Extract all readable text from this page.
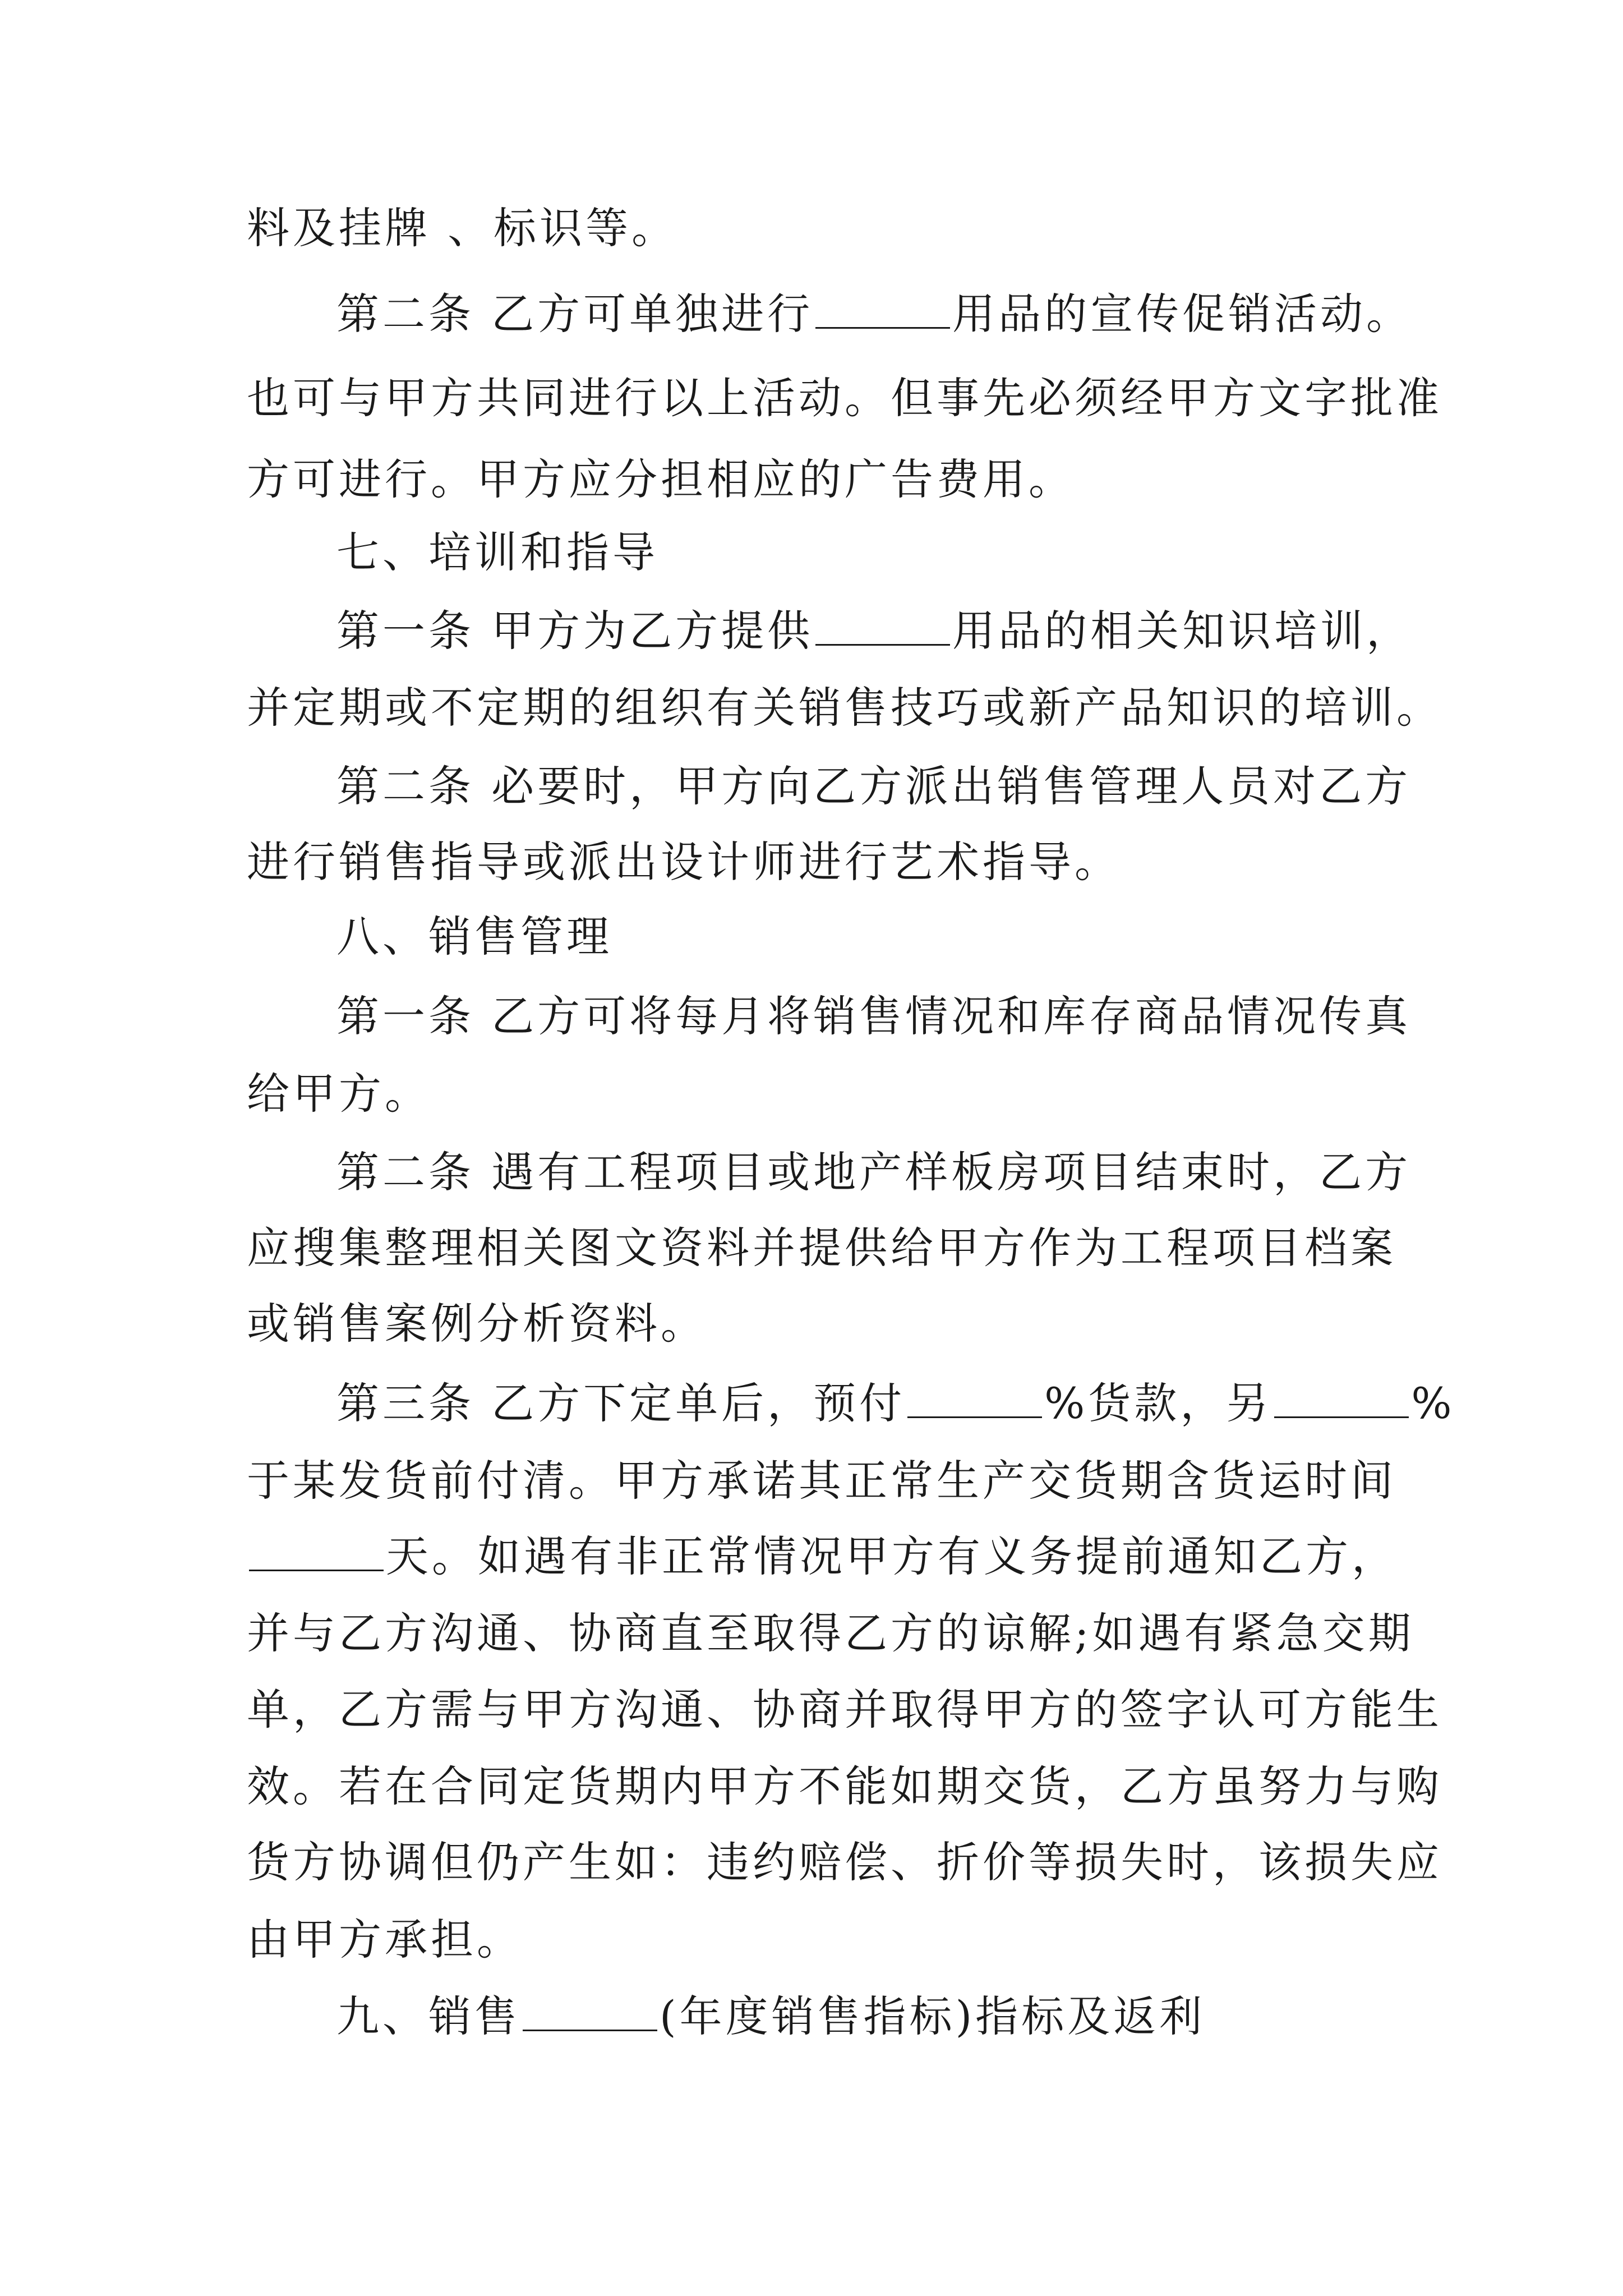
料及挂牌 、标识等。
第二条 乙方可单独进行	用品的宣传促销活动。
也可与甲方共同进行以上活动。但事先必须经甲方文字批准
方可进行。甲方应分担相应的广告费用。
七、培训和指导
第一条 甲方为乙方提供	用品的相关知识培训，
并定期或不定期的组织有关销售技巧或新产品知识的培训。
第二条 必要时，甲方向乙方派出销售管理人员对乙方
进行销售指导或派出设计师进行艺术指导。
八、销售管理
第一条 乙方可将每月将销售情况和库存商品情况传真
给甲方。
第二条 遇有工程项目或地产样板房项目结束时，乙方
应搜集整理相关图文资料并提供给甲方作为工程项目档案
或销售案例分析资料。
第三条 乙方下定单后，预付	%货款，另	%
于某发货前付清。甲方承诺其正常生产交货期含货运时间
天。如遇有非正常情况甲方有义务提前通知乙方，
并与乙方沟通、协商直至取得乙方的谅解;如遇有紧急交期
单，乙方需与甲方沟通、协商并取得甲方的签字认可方能生
效。若在合同定货期内甲方不能如期交货，乙方虽努力与购
货方协调但仍产生如：违约赔偿、折价等损失时，该损失应
由甲方承担。
九、销售	(年度销售指标)指标及返利
